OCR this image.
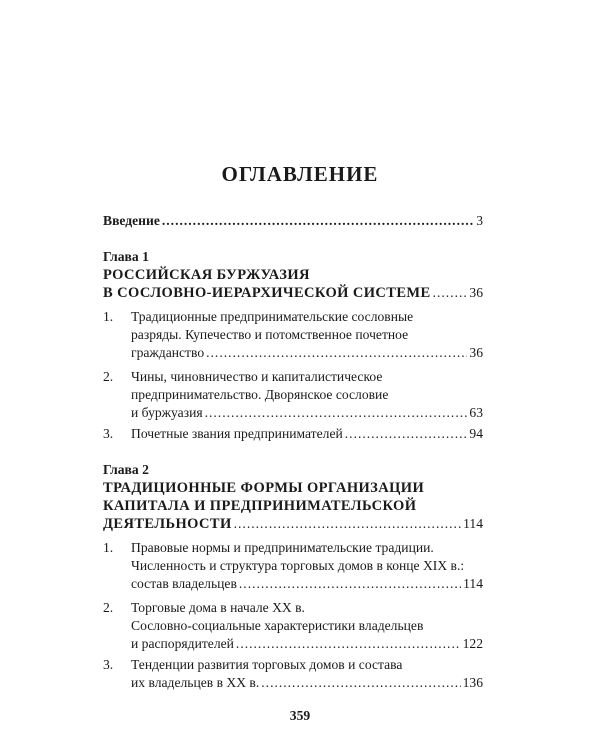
ОГЛАВЛЕНИЕ
Введение .....	3
Глава 1
РОССИЙСКАЯ БУРЖУАЗИЯ
В СОСЛОВНО-ИЕРАРХИЧЕСКОЙ СИСТЕМЕ .....	36
1. Традиционные предпринимательские сословные
разряды. Купечество и потомственное почетное
гражданство .....	36
2. Чины, чиновничество и капиталистическое
предпринимательство. Дворянское сословие
и буржуазия .....	63
3. Почетные звания предпринимателей .....	94
Глава 2
ТРАДИЦИОННЫЕ ФОРМЫ ОРГАНИЗАЦИИ
КАПИТАЛА И ПРЕДПРИНИМАТЕЛЬСКОЙ
ДЕЯТЕЛЬНОСТИ .....	114
1. Правовые нормы и предпринимательские традиции.
Численность и структура торговых домов в конце XIX в.:
состав владельцев .....	114
2. Торговые дома в начале XX в.
Сословно-социальные характеристики владельцев
и распорядителей .....	122
3. Тенденции развития торговых домов и состава
их владельцев в XX в. .....	136
359
